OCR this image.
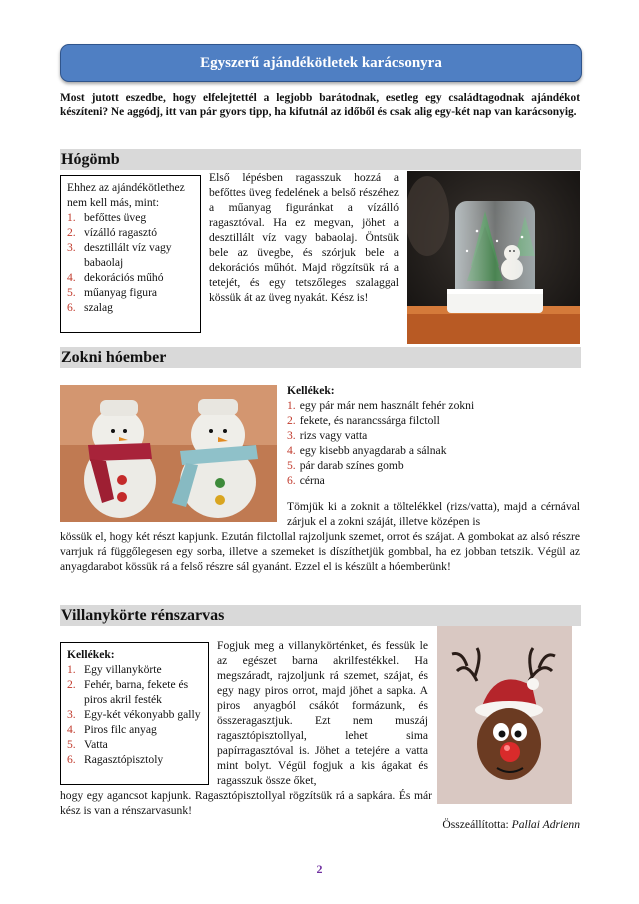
Egyszerű ajándékötletek karácsonyra
Most jutott eszedbe, hogy elfelejtettél a legjobb barátodnak, esetleg egy családtagodnak ajándékot készíteni? Ne aggódj, itt van pár gyors tipp, ha kifutnál az időből és csak alig egy-két nap van karácsonyig.
Hógömb
Ehhez az ajándékötlethez nem kell más, mint:
1. befőttes üveg
2. vízálló ragasztó
3. desztillált víz vagy babaolaj
4. dekorációs műhó
5. műanyag figura
6. szalag
Első lépésben ragasszuk hozzá a befőttes üveg fedelének a belső részéhez a műanyag figuránkat a vízálló ragasztóval. Ha ez megvan, jöhet a desztillált víz vagy babaolaj. Öntsük bele az üvegbe, és szórjuk bele a dekorációs műhót. Majd rögzítsük rá a tetejét, és egy tetszőleges szalaggal kössük át az üveg nyakát. Kész is!
Zokni hóember
Kellékek:
1. egy pár már nem használt fehér zokni
2. fekete, és narancssárga filctoll
3. rizs vagy vatta
4. egy kisebb anyagdarab a sálnak
5. pár darab színes gomb
6. cérna
Tömjük ki a zoknit a töltelékkel (rizs/vatta), majd a cérnával zárjuk el a zokni száját, illetve középen is
kössük el, hogy két részt kapjunk. Ezután filctollal rajzoljunk szemet, orrot és szájat. A gombokat az alsó részre varrjuk rá függőlegesen egy sorba, illetve a szemeket is díszíthetjük gombbal, ha ez jobban tetszik. Végül az anyagdarabot kössük rá a felső részre sál gyanánt. Ezzel el is készült a hóemberünk!
Villanykörte rénszarvas
Kellékek:
1. Egy villanykörte
2. Fehér, barna, fekete és piros akril festék
3. Egy-két vékonyabb gally
4. Piros filc anyag
5. Vatta
6. Ragasztópisztoly
Fogjuk meg a villanykörténket, és fessük le az egészet barna akrilfestékkel. Ha megszáradt, rajzoljunk rá szemet, szájat, és egy nagy piros orrot, majd jöhet a sapka. A piros anyagból csákót formázunk, és összeragasztjuk. Ezt nem muszáj ragasztópisztollyal, lehet sima papírragasztóval is. Jöhet a tetejére a vatta mint bolyt. Végül fogjuk a kis ágakat és ragasszuk össze őket,
hogy egy agancsot kapjunk. Ragasztópisztollyal rögzítsük rá a sapkára. És már kész is van a rénszarvasunk!
Összeállította: Pallai Adrienn
2
